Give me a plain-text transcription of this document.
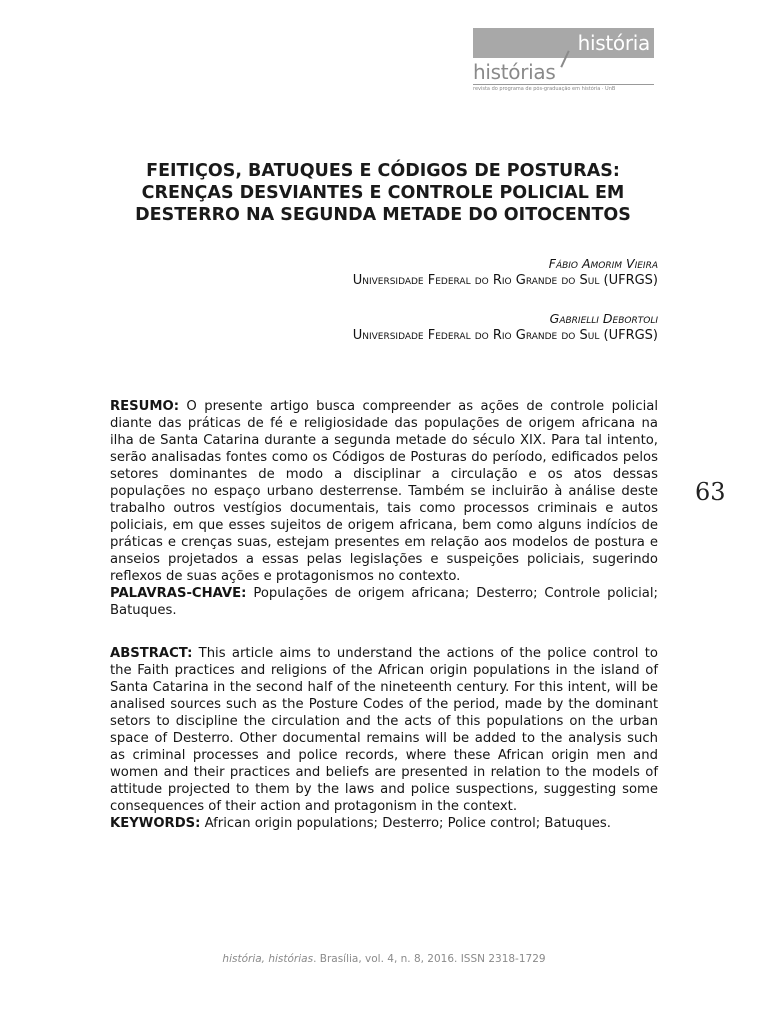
história
histórias
revista do programa de pós-graduação em história · UnB
FEITIÇOS, BATUQUES E CÓDIGOS DE POSTURAS:
CRENÇAS DESVIANTES E CONTROLE POLICIAL EM
DESTERRO NA SEGUNDA METADE DO OITOCENTOS
Fábio Amorim Vieira
Universidade Federal do Rio Grande do Sul (UFRGS)
Gabrielli Debortoli
Universidade Federal do Rio Grande do Sul (UFRGS)
RESUMO: O presente artigo busca compreender as ações de controle policial diante das práticas de fé e religiosidade das populações de origem africana na ilha de Santa Catarina durante a segunda metade do século XIX. Para tal intento, serão analisadas fontes como os Códigos de Posturas do período, edificados pelos setores dominantes de modo a disciplinar a circulação e os atos dessas populações no espaço urbano desterrense. Também se incluirão à análise deste trabalho outros vestígios documentais, tais como processos criminais e autos policiais, em que esses sujeitos de origem africana, bem como alguns indícios de práticas e crenças suas, estejam presentes em relação aos modelos de postura e anseios projetados a essas pelas legislações e suspeições policiais, sugerindo reflexos de suas ações e protagonismos no contexto.
PALAVRAS-CHAVE: Populações de origem africana; Desterro; Controle policial; Batuques.
63
ABSTRACT: This article aims to understand the actions of the police control to the Faith practices and religions of the African origin populations in the island of Santa Catarina in the second half of the nineteenth century. For this intent, will be analised sources such as the Posture Codes of the period, made by the dominant setors to discipline the circulation and the acts of this populations on the urban space of Desterro. Other documental remains will be added to the analysis such as criminal processes and police records, where these African origin men and women and their practices and beliefs are presented in relation to the models of attitude projected to them by the laws and police suspections, suggesting some consequences of their action and protagonism in the context.
KEYWORDS: African origin populations; Desterro; Police control; Batuques.
história, histórias. Brasília, vol. 4, n. 8, 2016. ISSN 2318-1729
